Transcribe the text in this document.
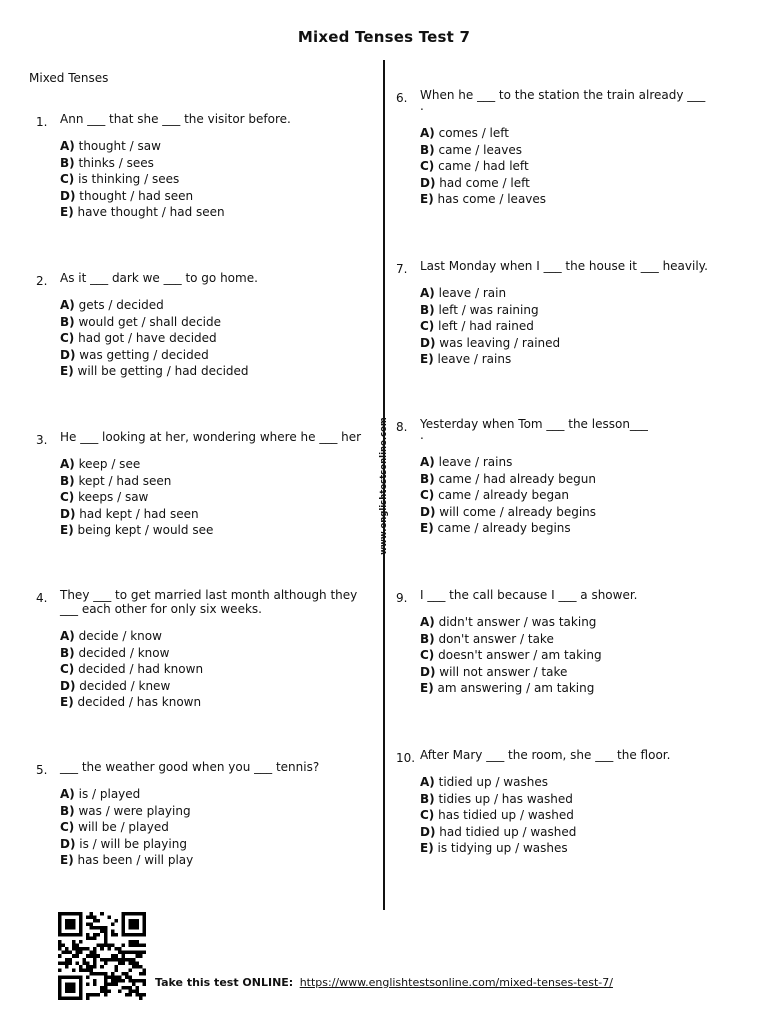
Mixed Tenses Test 7
Mixed Tenses
www.englishtestsonline.com
1.	Ann ___ that she ___ the visitor before.
A) thought / saw
B) thinks / sees
C) is thinking / sees
D) thought / had seen
E) have thought / had seen
2.	As it ___ dark we ___ to go home.
A) gets / decided
B) would get / shall decide
C) had got / have decided
D) was getting / decided
E) will be getting / had decided
3.	He ___ looking at her, wondering where he ___ her
A) keep / see
B) kept / had seen
C) keeps / saw
D) had kept / had seen
E) being kept / would see
4.	They ___ to get married last month although they ___ each other for only six weeks.
A) decide / know
B) decided / know
C) decided / had known
D) decided / knew
E) decided / has known
5.	___ the weather good when you ___ tennis?
A) is / played
B) was / were playing
C) will be / played
D) is / will be playing
E) has been / will play
6.	When he ___ to the station the train already ___
.
A) comes / left
B) came / leaves
C) came / had left
D) had come / left
E) has come / leaves
7.	Last Monday when I ___ the house it ___ heavily.
A) leave / rain
B) left / was raining
C) left / had rained
D) was leaving / rained
E) leave / rains
8.	Yesterday when Tom ___ the lesson___
.
A) leave / rains
B) came / had already begun
C) came / already began
D) will come / already begins
E) came / already begins
9.	I ___ the call because I ___ a shower.
A) didn't answer / was taking
B) don't answer / take
C) doesn't answer / am taking
D) will not answer / take
E) am answering / am taking
10. After Mary ___ the room, she ___ the floor.
A) tidied up / washes
B) tidies up / has washed
C) has tidied up / washed
D) had tidied up / washed
E) is tidying up / washes
Take this test ONLINE: https://www.englishtestsonline.com/mixed-tenses-test-7/
